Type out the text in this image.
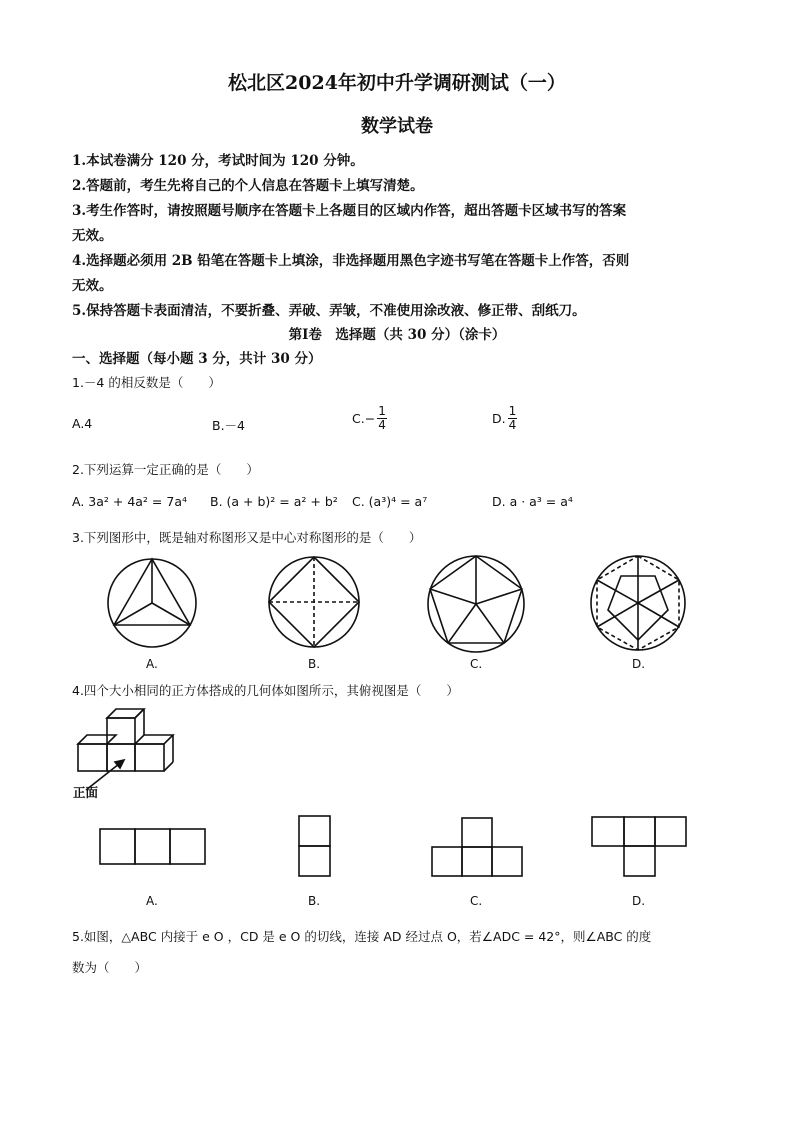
松北区2024年初中升学调研测试（一）
数学试卷
1.本试卷满分 120 分，考试时间为 120 分钟。
2.答题前，考生先将自己的个人信息在答题卡上填写清楚。
3.考生作答时，请按照题号顺序在答题卡上各题目的区域内作答，超出答题卡区域书写的答案
无效。
4.选择题必须用 2B 铅笔在答题卡上填涂，非选择题用黑色字迹书写笔在答题卡上作答，否则
无效。
5.保持答题卡表面清洁，不要折叠、弄破、弄皱，不准使用涂改液、修正带、刮纸刀。
第Ⅰ卷　选择题（共 30 分）（涂卡）
一、选择题（每小题 3 分，共计 30 分）
1.－4 的相反数是（　　）
A.4	B.－4	$C.- \frac{1}{4}$	D. $\frac{1}{4}$
2.下列运算一定正确的是（　　）
A. 3a² + 4a² = 7a⁴ B. (a + b)² = a² + b² C. (a³)⁴ = a⁷	D. a · a³ = a⁴
3.下列图形中，既是轴对称图形又是中心对称图形的是（　　）
A.	B.	C.	D.
4.四个大小相同的正方体搭成的几何体如图所示，其俯视图是（　　）
正面
A.	B.	C.	D.
5.如图，△ABC 内接于 e O ，CD 是 e O 的切线，连接 AD 经过点 O，若∠ADC = 42°，则∠ABC 的度
数为（　　）
